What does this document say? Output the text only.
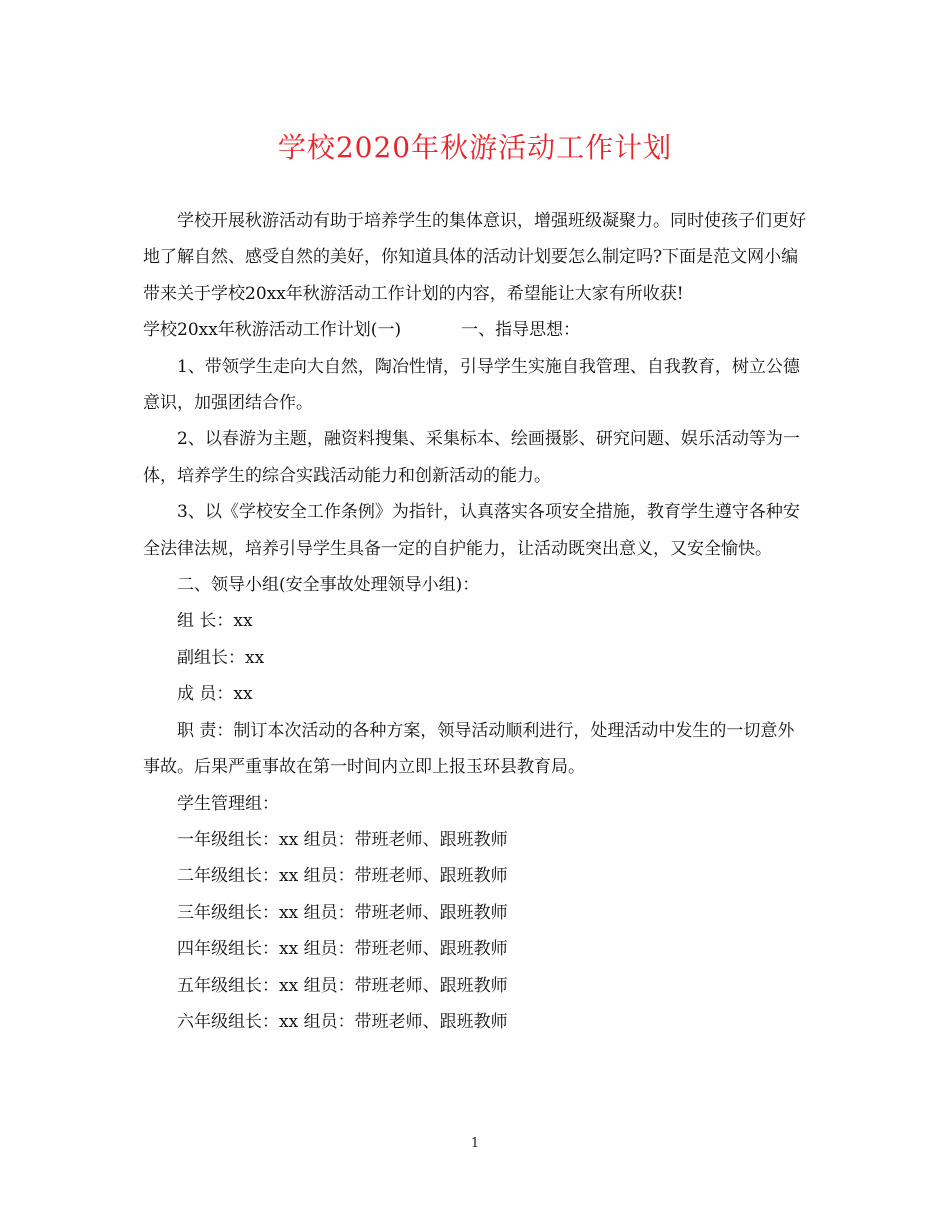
学校2020年秋游活动工作计划

学校开展秋游活动有助于培养学生的集体意识，增强班级凝聚力。同时使孩子们更好地了解自然、感受自然的美好，你知道具体的活动计划要怎么制定吗?下面是范文网小编带来关于学校20xx年秋游活动工作计划的内容，希望能让大家有所收获!

学校20xx年秋游活动工作计划(一)	一、指导思想：

1、带领学生走向大自然，陶冶性情，引导学生实施自我管理、自我教育，树立公德意识，加强团结合作。

2、以春游为主题，融资料搜集、采集标本、绘画摄影、研究问题、娱乐活动等为一体，培养学生的综合实践活动能力和创新活动的能力。

3、以《学校安全工作条例》为指针，认真落实各项安全措施，教育学生遵守各种安全法律法规，培养引导学生具备一定的自护能力，让活动既突出意义，又安全愉快。

二、领导小组(安全事故处理领导小组)：

组 长：xx

副组长：xx

成 员：xx

职 责：制订本次活动的各种方案，领导活动顺利进行，处理活动中发生的一切意外事故。后果严重事故在第一时间内立即上报玉环县教育局。

学生管理组：

一年级组长：xx 组员：带班老师、跟班教师

二年级组长：xx 组员：带班老师、跟班教师

三年级组长：xx 组员：带班老师、跟班教师

四年级组长：xx 组员：带班老师、跟班教师

五年级组长：xx 组员：带班老师、跟班教师

六年级组长：xx 组员：带班老师、跟班教师

1
